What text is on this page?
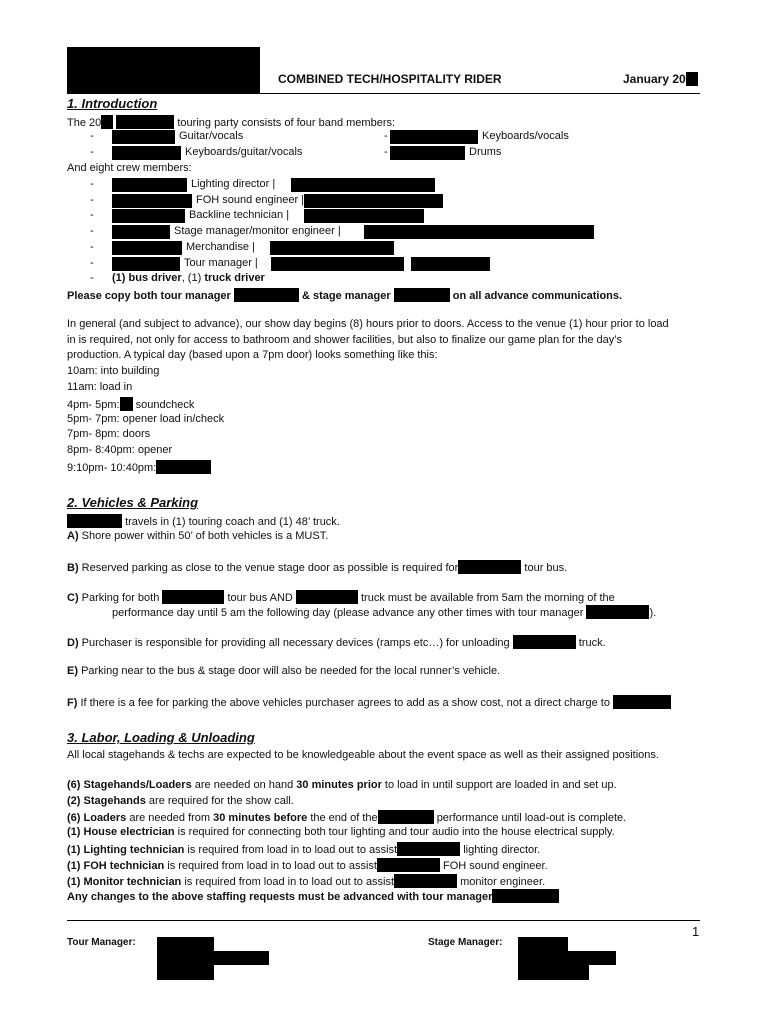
COMBINED TECH/HOSPITALITY RIDER	January 20
1. Introduction
The 20	touring party consists of four band members:
-	Guitar/vocals	-	Keyboards/vocals
-	Keyboards/guitar/vocals	-	Drums
And eight crew members:
-	Lighting director |
-	FOH sound engineer |
-	Backline technician |
-	Stage manager/monitor engineer |
-	Merchandise |
-	Tour manager |
- (1) bus driver, (1) truck driver
Please copy both tour manager	& stage manager	on all advance communications.
In general (and subject to advance), our show day begins (8) hours prior to doors. Access to the venue (1) hour prior to load
in is required, not only for access to bathroom and shower facilities, but also to finalize our game plan for the day’s
production. A typical day (based upon a 7pm door) looks something like this:
10am: into building
11am: load in
4pm- 5pm: soundcheck
5pm- 7pm: opener load in/check
7pm- 8pm: doors
8pm- 8:40pm: opener
9:10pm- 10:40pm:
2. Vehicles & Parking
travels in (1) touring coach and (1) 48’ truck.
A) Shore power within 50’ of both vehicles is a MUST.
B) Reserved parking as close to the venue stage door as possible is required for	tour bus.
C) Parking for both	tour bus AND	truck must be available from 5am the morning of the
performance day until 5 am the following day (please advance any other times with tour manager	).
D) Purchaser is responsible for providing all necessary devices (ramps etc…) for unloading	truck.
E) Parking near to the bus & stage door will also be needed for the local runner’s vehicle.
F) If there is a fee for parking the above vehicles purchaser agrees to add as a show cost, not a direct charge to
3. Labor, Loading & Unloading
All local stagehands & techs are expected to be knowledgeable about the event space as well as their assigned positions.
(6) Stagehands/Loaders are needed on hand 30 minutes prior to load in until support are loaded in and set up.
(2) Stagehands are required for the show call.
(6) Loaders are needed from 30 minutes before the end of the	performance until load-out is complete.
(1) House electrician is required for connecting both tour lighting and tour audio into the house electrical supply.
(1) Lighting technician is required from load in to load out to assist	lighting director.
(1) FOH technician is required from load in to load out to assist	FOH sound engineer.
(1) Monitor technician is required from load in to load out to assist	monitor engineer.
Any changes to the above staffing requests must be advanced with tour manager
1
Tour Manager:	Stage Manager:
